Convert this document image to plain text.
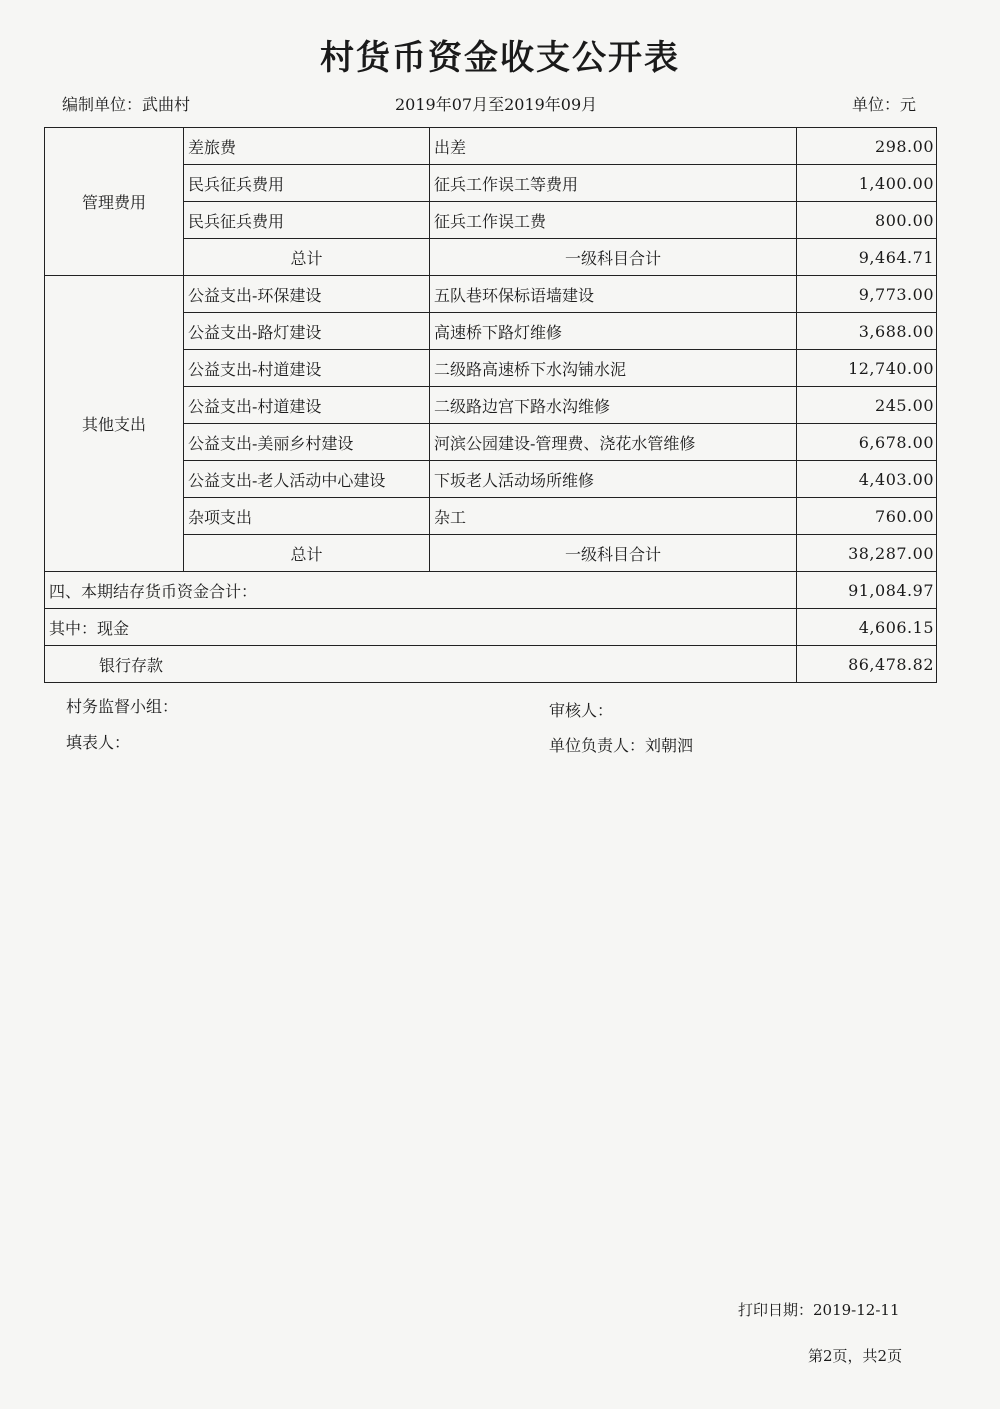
村货币资金收支公开表
编制单位：武曲村	2019年07月至2019年09月	单位：元
管理费用	差旅费	出差	298.00
	民兵征兵费用	征兵工作误工等费用	1,400.00
	民兵征兵费用	征兵工作误工费	800.00
	总计	一级科目合计	9,464.71
其他支出	公益支出-环保建设	五队巷环保标语墙建设	9,773.00
	公益支出-路灯建设	高速桥下路灯维修	3,688.00
	公益支出-村道建设	二级路高速桥下水沟铺水泥	12,740.00
	公益支出-村道建设	二级路边宫下路水沟维修	245.00
	公益支出-美丽乡村建设	河滨公园建设-管理费、浇花水管维修	6,678.00
	公益支出-老人活动中心建设	下坂老人活动场所维修	4,403.00
	杂项支出	杂工	760.00
	总计	一级科目合计	38,287.00
四、本期结存货币资金合计：			91,084.97
其中：现金			4,606.15
银行存款			86,478.82
村务监督小组：	审核人：
填表人：	单位负责人：刘朝泗
打印日期：2019-12-11
第2页，共2页
